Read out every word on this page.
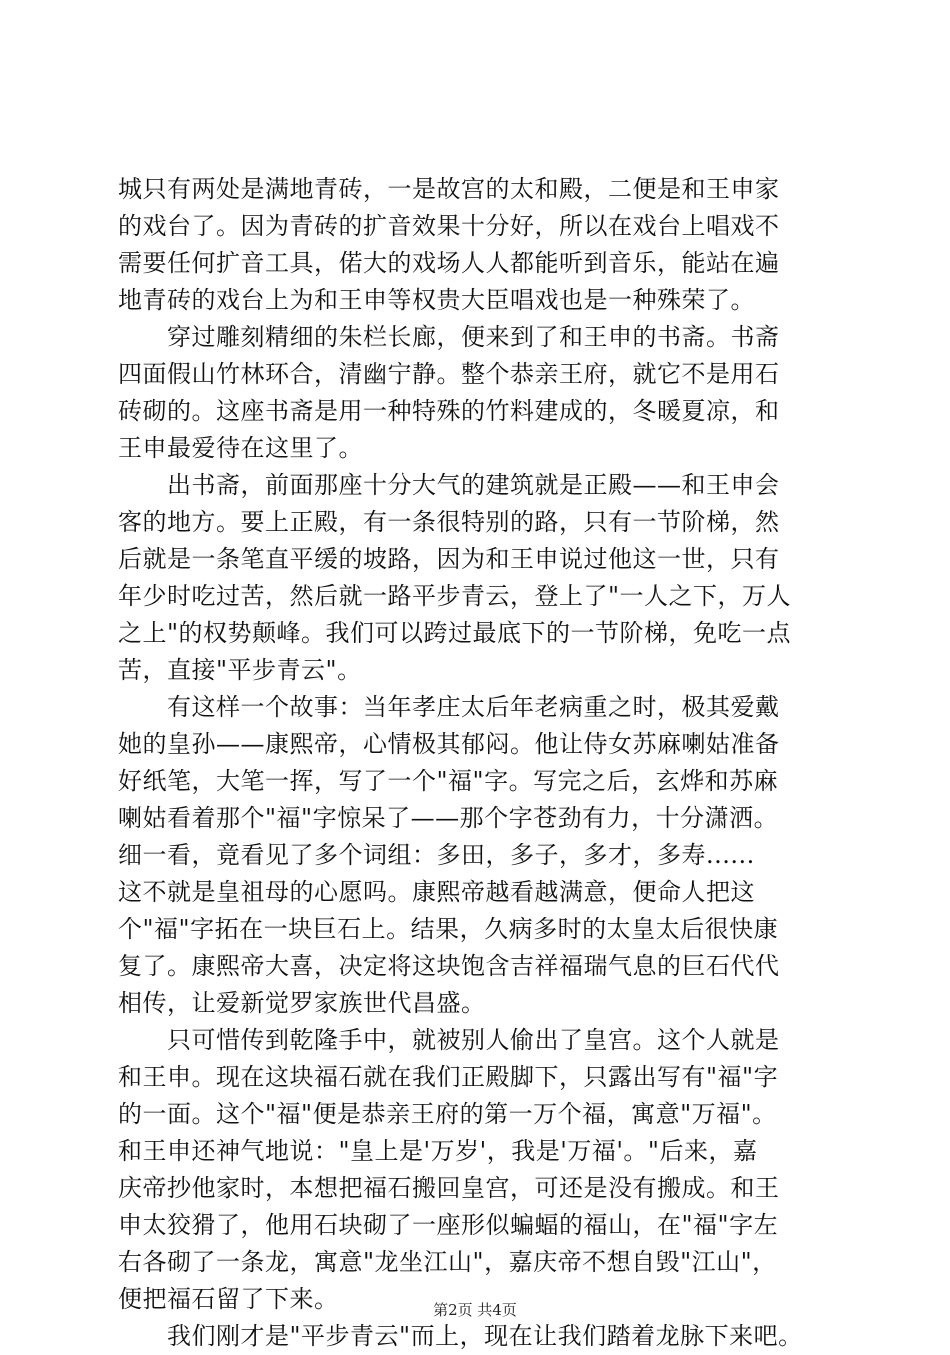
城只有两处是满地青砖，一是故宫的太和殿，二便是和王申家
的戏台了。因为青砖的扩音效果十分好，所以在戏台上唱戏不
需要任何扩音工具，偌大的戏场人人都能听到音乐，能站在遍
地青砖的戏台上为和王申等权贵大臣唱戏也是一种殊荣了。
　　穿过雕刻精细的朱栏长廊，便来到了和王申的书斋。书斋
四面假山竹林环合，清幽宁静。整个恭亲王府，就它不是用石
砖砌的。这座书斋是用一种特殊的竹料建成的，冬暖夏凉，和
王申最爱待在这里了。
　　出书斋，前面那座十分大气的建筑就是正殿——和王申会
客的地方。要上正殿，有一条很特别的路，只有一节阶梯，然
后就是一条笔直平缓的坡路，因为和王申说过他这一世，只有
年少时吃过苦，然后就一路平步青云，登上了"一人之下，万人
之上"的权势颠峰。我们可以跨过最底下的一节阶梯，免吃一点
苦，直接"平步青云"。
　　有这样一个故事：当年孝庄太后年老病重之时，极其爱戴
她的皇孙——康熙帝，心情极其郁闷。他让侍女苏麻喇姑准备
好纸笔，大笔一挥，写了一个"福"字。写完之后，玄烨和苏麻
喇姑看着那个"福"字惊呆了——那个字苍劲有力，十分潇洒。
细一看，竟看见了多个词组：多田，多子，多才，多寿......
这不就是皇祖母的心愿吗。康熙帝越看越满意，便命人把这
个"福"字拓在一块巨石上。结果，久病多时的太皇太后很快康
复了。康熙帝大喜，决定将这块饱含吉祥福瑞气息的巨石代代
相传，让爱新觉罗家族世代昌盛。
　　只可惜传到乾隆手中，就被别人偷出了皇宫。这个人就是
和王申。现在这块福石就在我们正殿脚下，只露出写有"福"字
的一面。这个"福"便是恭亲王府的第一万个福，寓意"万福"。
和王申还神气地说："皇上是'万岁'，我是'万福'。"后来，嘉
庆帝抄他家时，本想把福石搬回皇宫，可还是没有搬成。和王
申太狡猾了，他用石块砌了一座形似蝙蝠的福山，在"福"字左
右各砌了一条龙，寓意"龙坐江山"，嘉庆帝不想自毁"江山"，
便把福石留了下来。
　　我们刚才是"平步青云"而上，现在让我们踏着龙脉下来吧。
第2页 共4页
